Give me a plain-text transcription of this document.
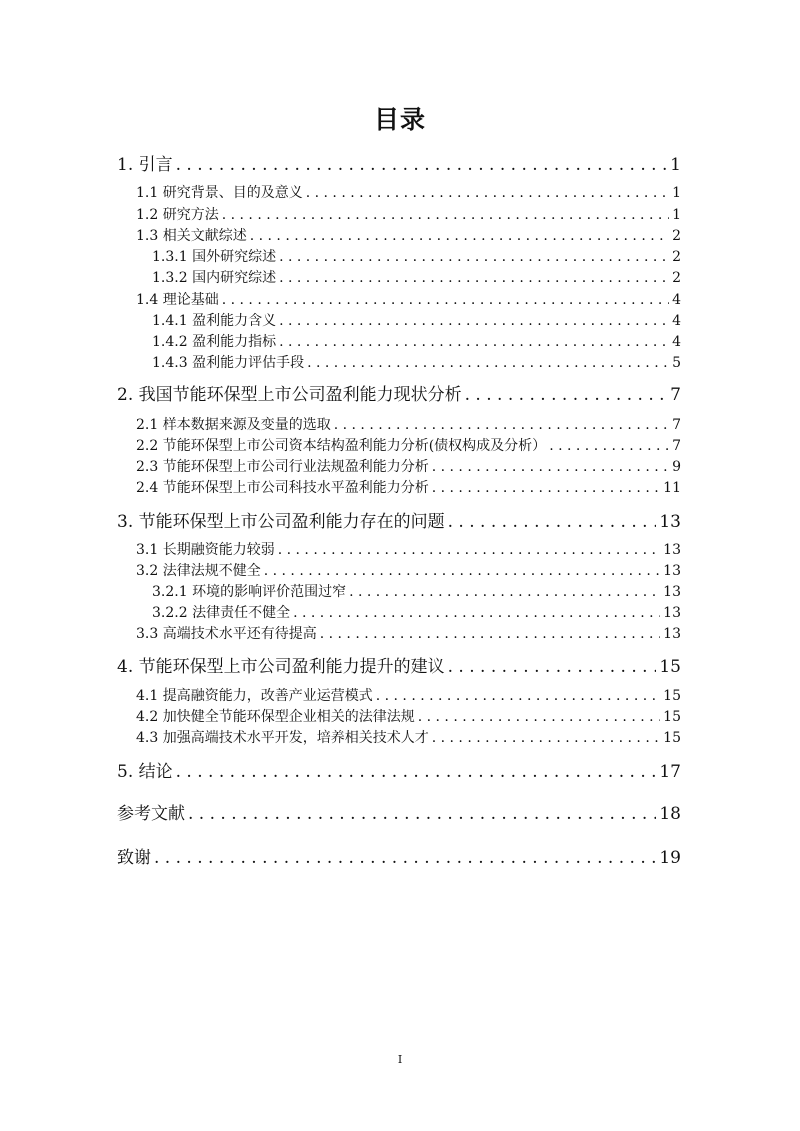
目录
1. 引言 . . .	1
1.1 研究背景、目的及意义 . . .	1
1.2 研究方法 . . .	1
1.3 相关文献综述 . . .	2
1.3.1 国外研究综述 . . .	2
1.3.2 国内研究综述 . . .	2
1.4 理论基础 . . .	4
1.4.1 盈利能力含义 . . .	4
1.4.2 盈利能力指标 . . .	4
1.4.3 盈利能力评估手段 . . .	5
2. 我国节能环保型上市公司盈利能力现状分析 . . .	7
2.1 样本数据来源及变量的选取 . . .	7
2.2 节能环保型上市公司资本结构盈利能力分析(债权构成及分析） . . .	7
2.3 节能环保型上市公司行业法规盈利能力分析 . . .	9
2.4 节能环保型上市公司科技水平盈利能力分析 . . .	11
3. 节能环保型上市公司盈利能力存在的问题 . . .	13
3.1 长期融资能力较弱 . . .	13
3.2 法律法规不健全 . . .	13
3.2.1 环境的影响评价范围过窄 . . .	13
3.2.2 法律责任不健全 . . .	13
3.3 高端技术水平还有待提高 . . .	13
4. 节能环保型上市公司盈利能力提升的建议 . . .	15
4.1 提高融资能力，改善产业运营模式 . . .	15
4.2 加快健全节能环保型企业相关的法律法规 . . .	15
4.3 加强高端技术水平开发，培养相关技术人才 . . .	15
5. 结论 . . .	17
参考文献 . . .	18
致谢 . . .	19
I
